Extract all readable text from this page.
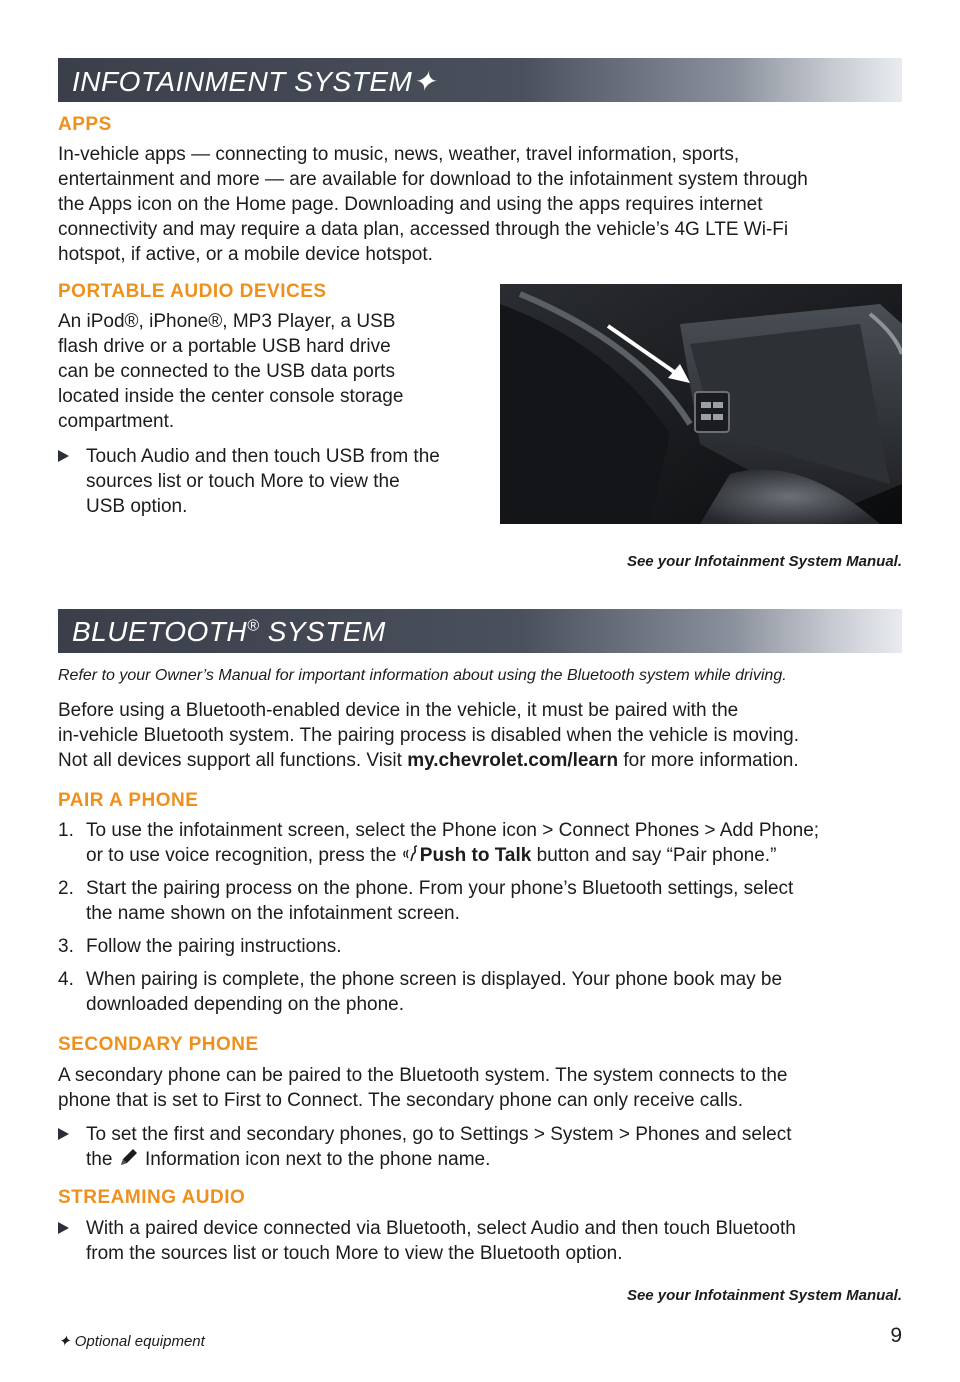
INFOTAINMENT SYSTEM✦
APPS
In-vehicle apps — connecting to music, news, weather, travel information, sports,
entertainment and more — are available for download to the infotainment system through
the Apps icon on the Home page. Downloading and using the apps requires internet
connectivity and may require a data plan, accessed through the vehicle’s 4G LTE Wi-Fi
hotspot, if active, or a mobile device hotspot.
PORTABLE AUDIO DEVICES
An iPod®, iPhone®, MP3 Player, a USB
flash drive or a portable USB hard drive
can be connected to the USB data ports
located inside the center console storage
compartment.
Touch Audio and then touch USB from the
sources list or touch More to view the
USB option.
See your Infotainment System Manual.
BLUETOOTH® SYSTEM
Refer to your Owner’s Manual for important information about using the Bluetooth system while driving.
Before using a Bluetooth-enabled device in the vehicle, it must be paired with the
in-vehicle Bluetooth system. The pairing process is disabled when the vehicle is moving.
Not all devices support all functions. Visit my.chevrolet.com/learn for more information.
PAIR A PHONE
1. To use the infotainment screen, select the Phone icon > Connect Phones > Add Phone;
or to use voice recognition, press the Push to Talk button and say “Pair phone.”
2. Start the pairing process on the phone. From your phone’s Bluetooth settings, select
the name shown on the infotainment screen.
3. Follow the pairing instructions.
4. When pairing is complete, the phone screen is displayed. Your phone book may be
downloaded depending on the phone.
SECONDARY PHONE
A secondary phone can be paired to the Bluetooth system. The system connects to the
phone that is set to First to Connect. The secondary phone can only receive calls.
To set the first and secondary phones, go to Settings > System > Phones and select
the  Information icon next to the phone name.
STREAMING AUDIO
With a paired device connected via Bluetooth, select Audio and then touch Bluetooth
from the sources list or touch More to view the Bluetooth option.
See your Infotainment System Manual.
✦ Optional equipment	9
